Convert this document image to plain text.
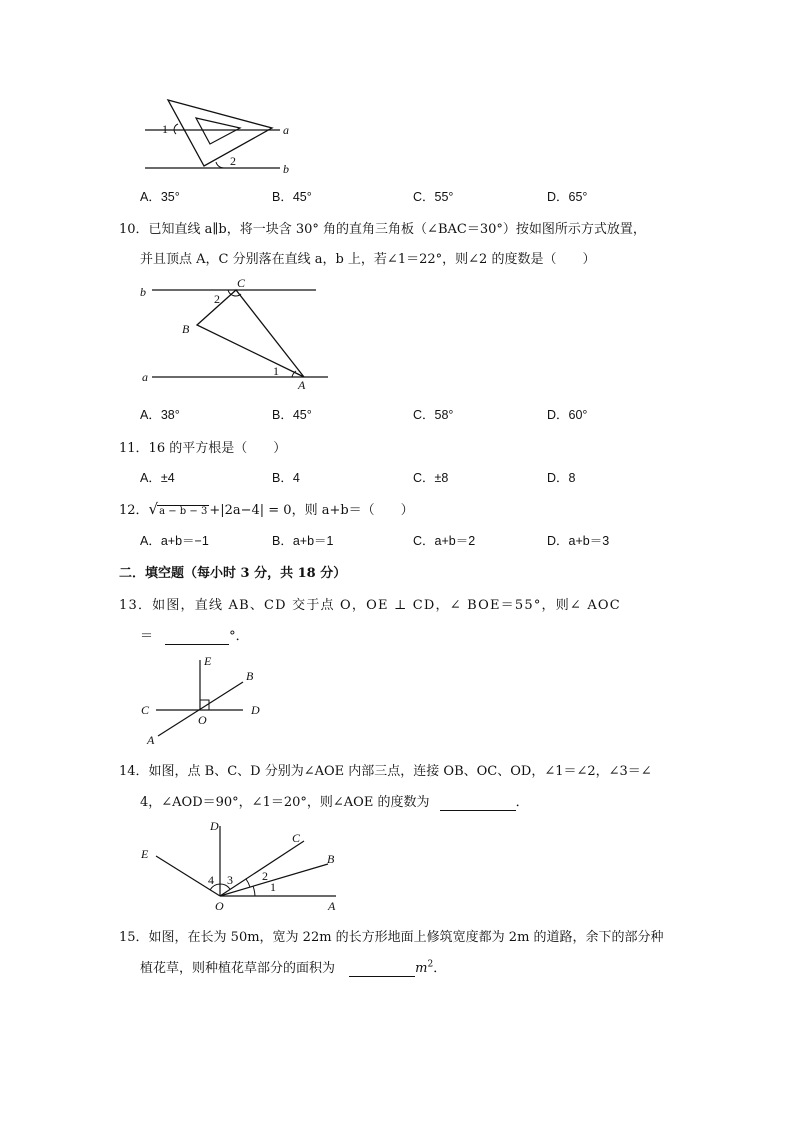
1
2
a
b
A．35°	B．45°	C．55°	D．65°
10．已知直线 a∥b，将一块含 30° 角的直角三角板（∠BAC＝30°）按如图所示方式放置，
并且顶点 A，C 分别落在直线 a，b 上，若∠1＝22°，则∠2 的度数是（　　）
b
a
C
B
A
1
2
A．38°	B．45°	C．58°	D．60°
11．16 的平方根是（　　）
A．±4	B．4	C．±8	D．8
12．√a − b − 3 +|2a−4| = 0，则 a+b＝（　　）
A．a+b＝−1	B．a+b＝1	C．a+b＝2	D．a+b＝3
二．填空题（每小时 3 分，共 18 分）
13．如图，直线 AB、CD 交于点 O，OE ⊥ CD，∠ BOE＝55°，则∠ AOC
＝	°．
E
B
C
O
D
A
14．如图，点 B、C、D 分别为∠AOE 内部三点，连接 OB、OC、OD，∠1＝∠2，∠3＝∠
4，∠AOD＝90°，∠1＝20°，则∠AOE 的度数为	．
D
C
E	B
O	A
1
2
3
4
15．如图，在长为 50m，宽为 22m 的长方形地面上修筑宽度都为 2m 的道路，余下的部分种
植花草，则种植花草部分的面积为	$m^2$．
